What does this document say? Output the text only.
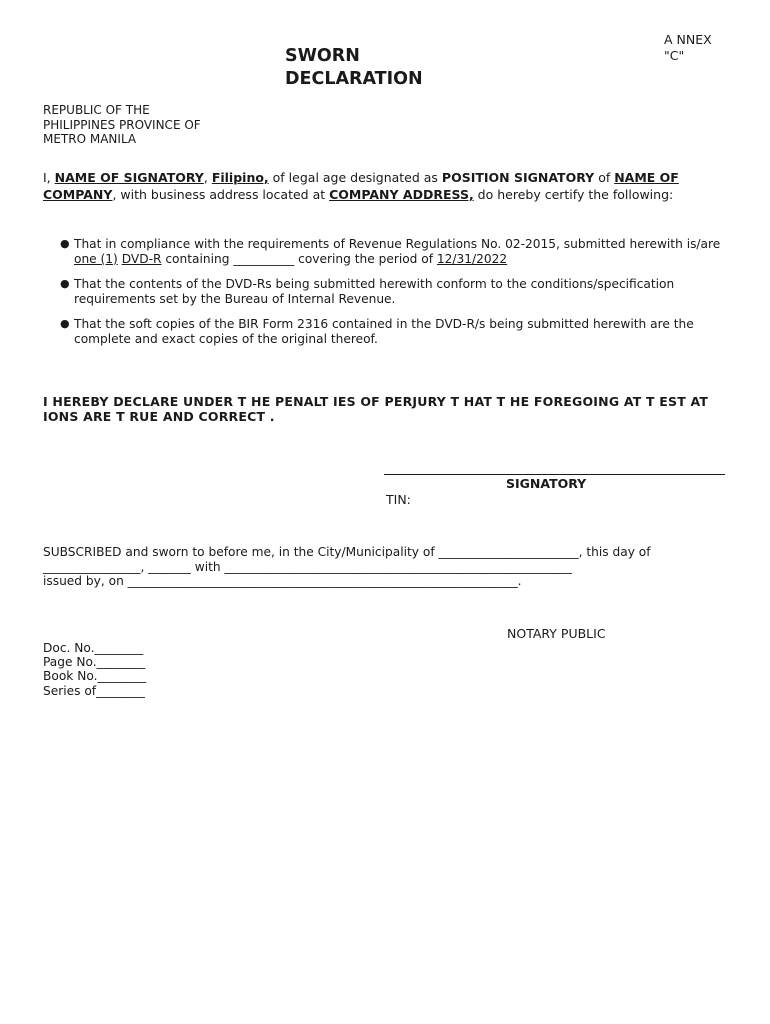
A NNEX
"C"
SWORN
DECLARATION
REPUBLIC OF THE
PHILIPPINES PROVINCE OF
METRO MANILA
I, NAME OF SIGNATORY, Filipino, of legal age designated as POSITION SIGNATORY of NAME OF COMPANY, with business address located at COMPANY ADDRESS, do hereby certify the following:
● That in compliance with the requirements of Revenue Regulations No. 02-2015, submitted herewith is/are one (1) DVD-R containing __________ covering the period of 12/31/2022
● That the contents of the DVD-Rs being submitted herewith conform to the conditions/specification requirements set by the Bureau of Internal Revenue.
● That the soft copies of the BIR Form 2316 contained in the DVD-R/s being submitted herewith are the complete and exact copies of the original thereof.
I HEREBY DECLARE UNDER T HE PENALT IES OF PERJURY T HAT T HE FOREGOING AT T EST AT IONS ARE T RUE AND CORRECT .
SIGNATORY
TIN:
SUBSCRIBED and sworn to before me, in the City/Municipality of _______________________, this day of
________________, _______ with _________________________________________________________
issued by, on ________________________________________________________________.
NOTARY PUBLIC
Doc. No.________
Page No.________
Book No.________
Series of________
